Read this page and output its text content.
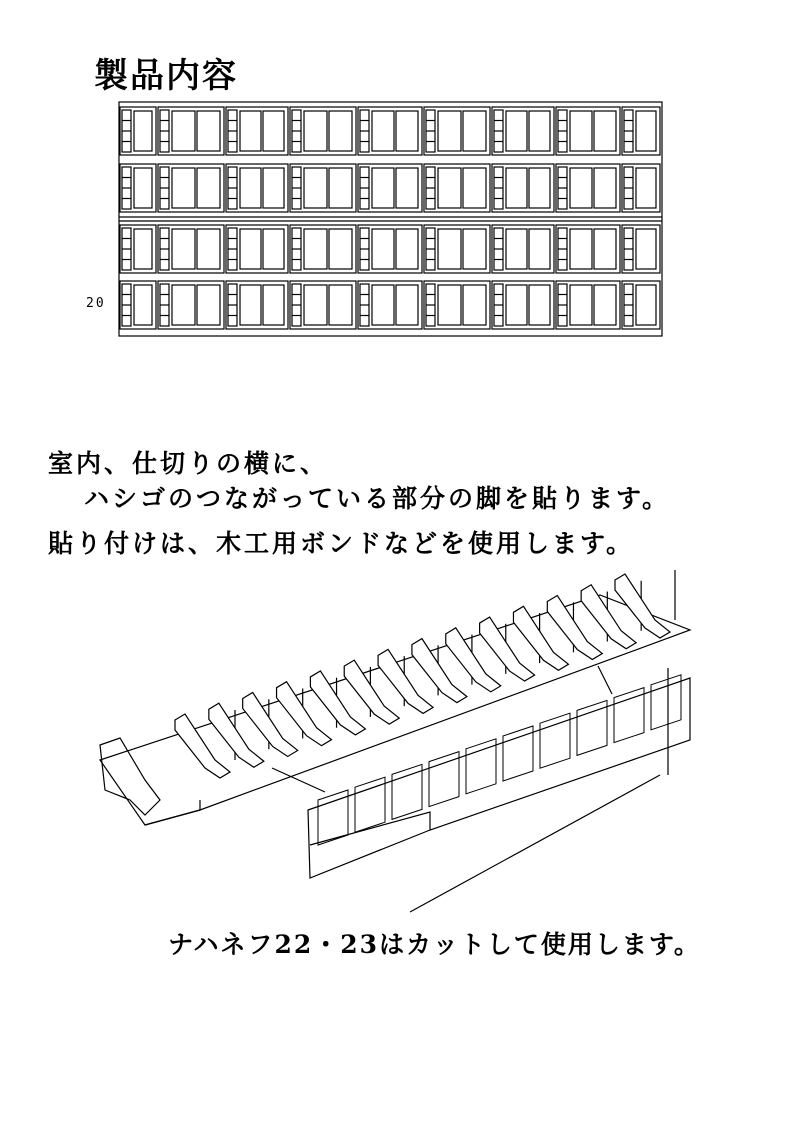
製品内容
20
室内、仕切りの横に、
ハシゴのつながっている部分の脚を貼ります。
貼り付けは、木工用ボンドなどを使用します。
ナハネフ22・23はカットして使用します。
